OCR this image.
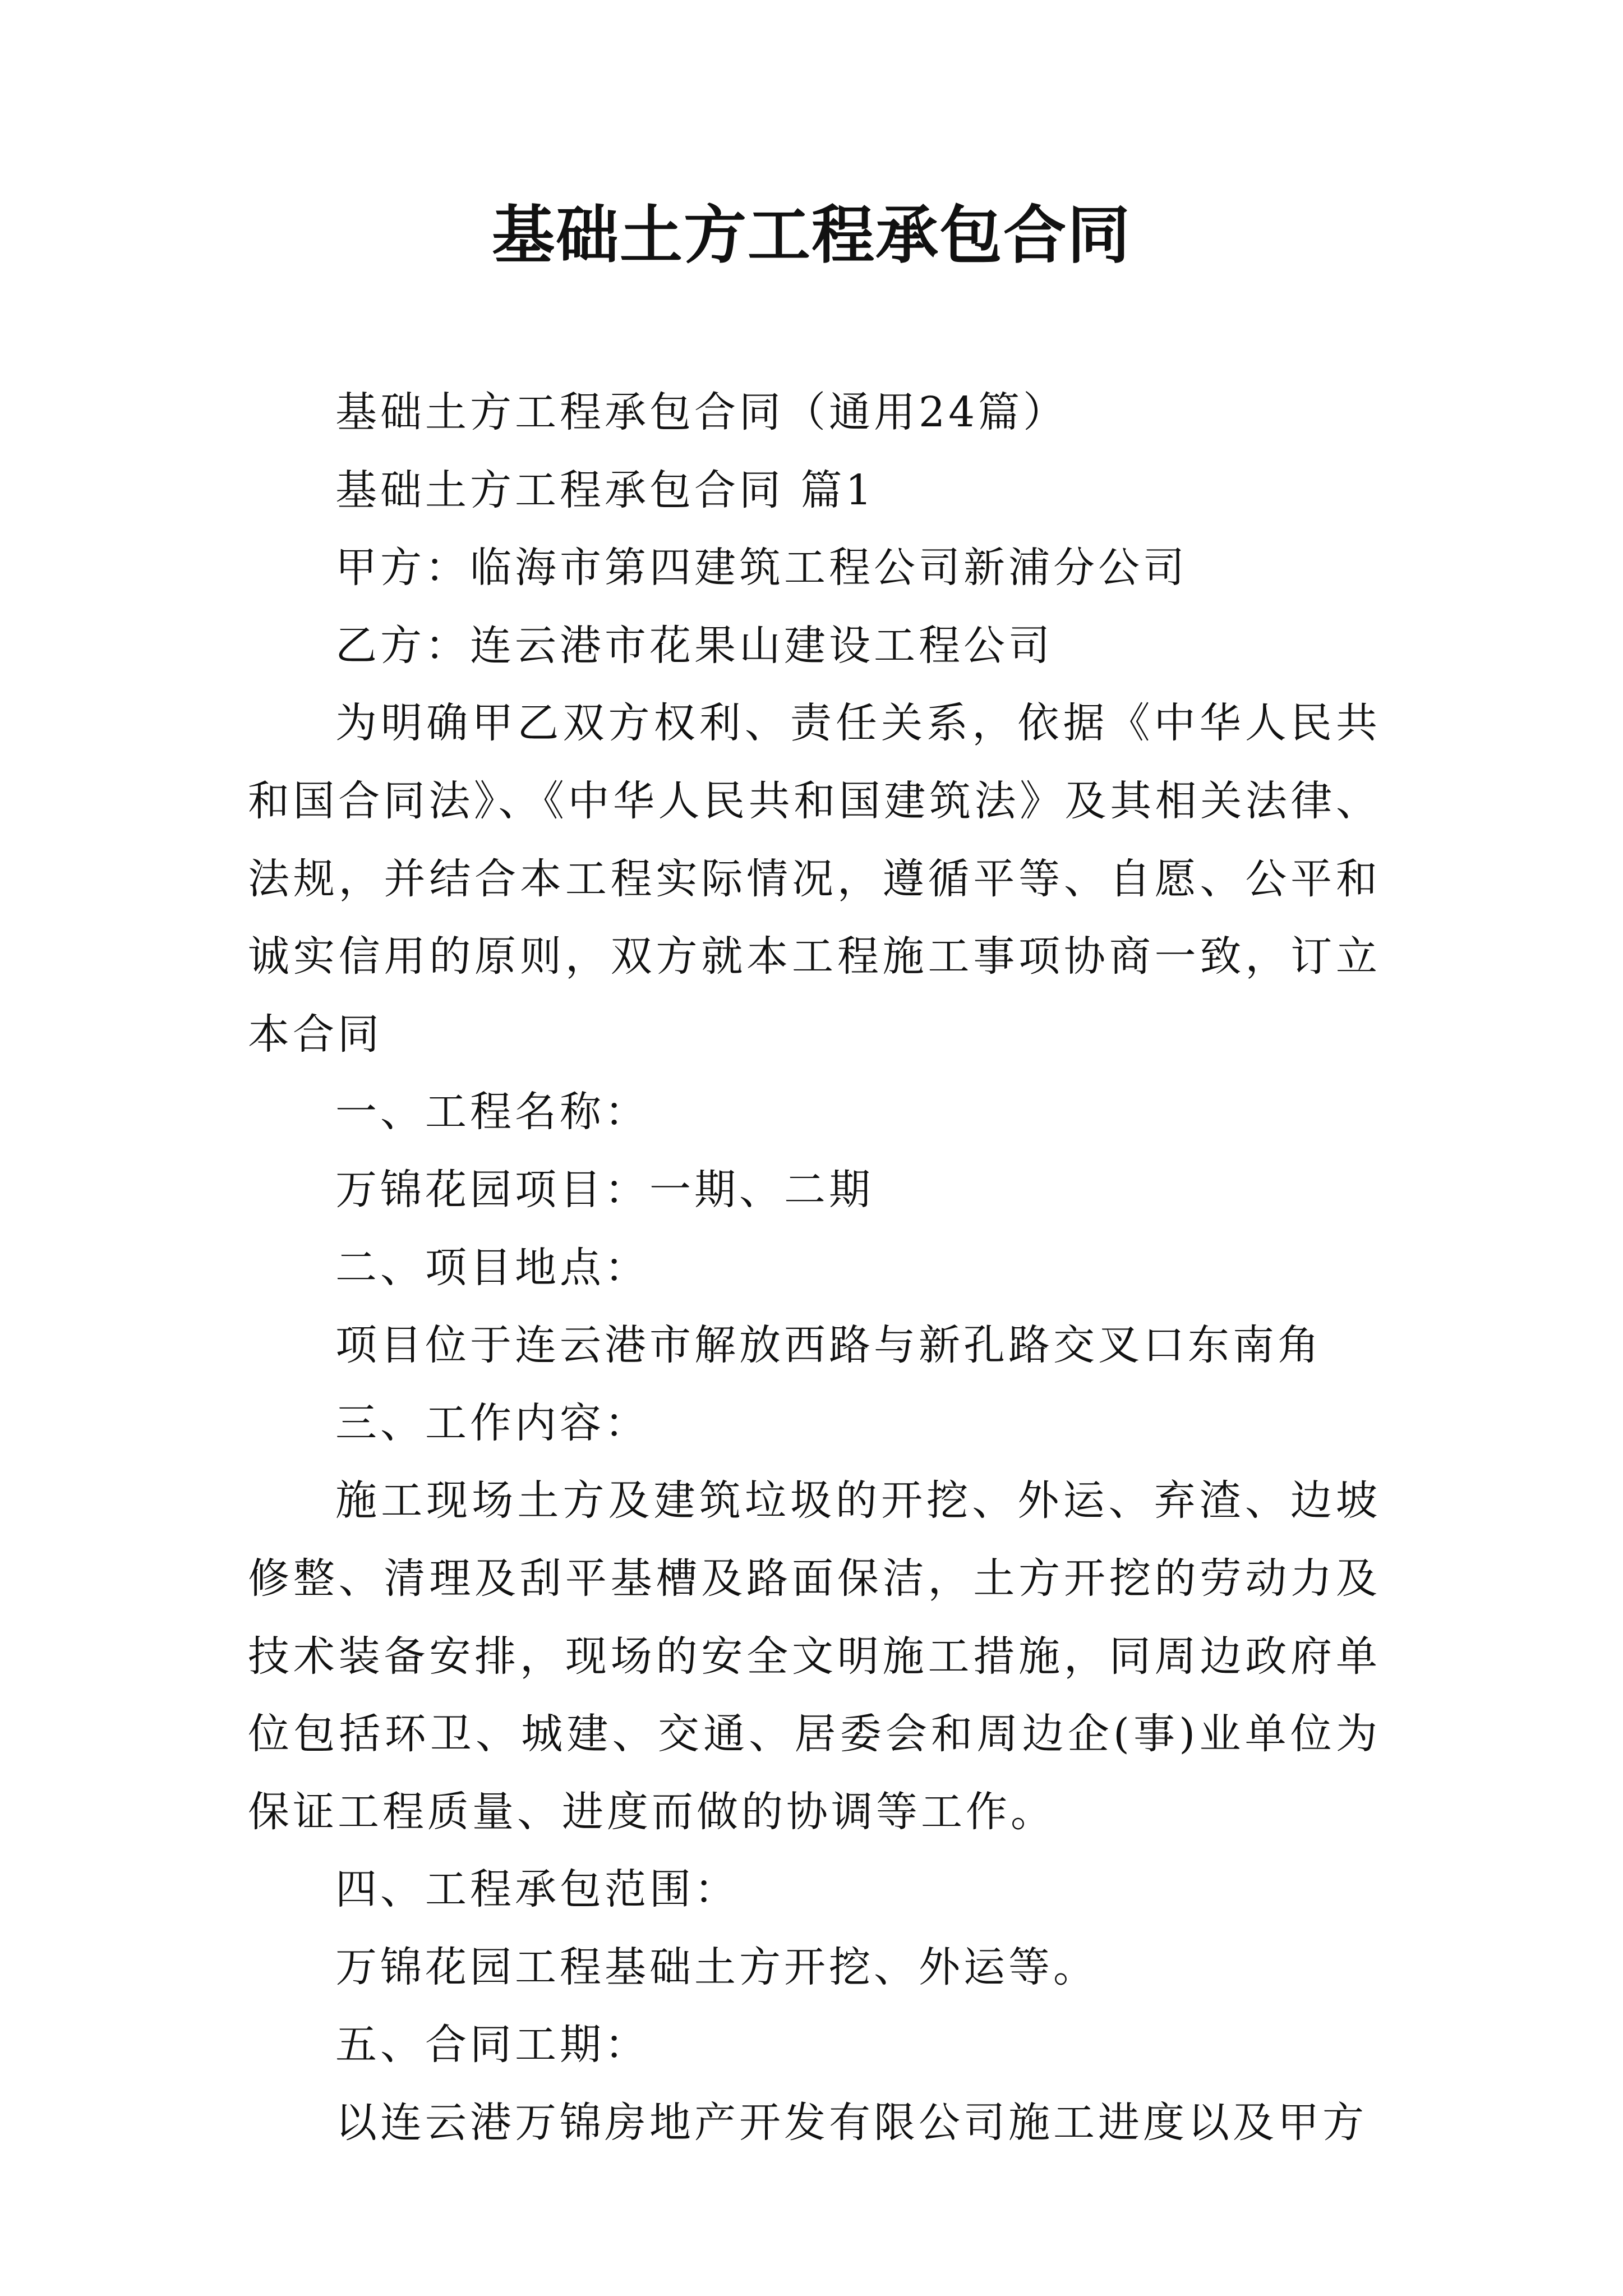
基础土方工程承包合同

基础土方工程承包合同（通用24篇）

基础土方工程承包合同 篇1

甲方：临海市第四建筑工程公司新浦分公司

乙方：连云港市花果山建设工程公司

为明确甲乙双方权利、责任关系，依据《中华人民共和国合同法》、《中华人民共和国建筑法》及其相关法律、法规，并结合本工程实际情况，遵循平等、自愿、公平和诚实信用的原则，双方就本工程施工事项协商一致，订立本合同

一、工程名称：

万锦花园项目：一期、二期

二、项目地点：

项目位于连云港市解放西路与新孔路交叉口东南角

三、工作内容：

施工现场土方及建筑垃圾的开挖、外运、弃渣、边坡修整、清理及刮平基槽及路面保洁，土方开挖的劳动力及技术装备安排，现场的安全文明施工措施，同周边政府单位包括环卫、城建、交通、居委会和周边企(事)业单位为保证工程质量、进度而做的协调等工作。

四、工程承包范围：

万锦花园工程基础土方开挖、外运等。

五、合同工期：

以连云港万锦房地产开发有限公司施工进度以及甲方
